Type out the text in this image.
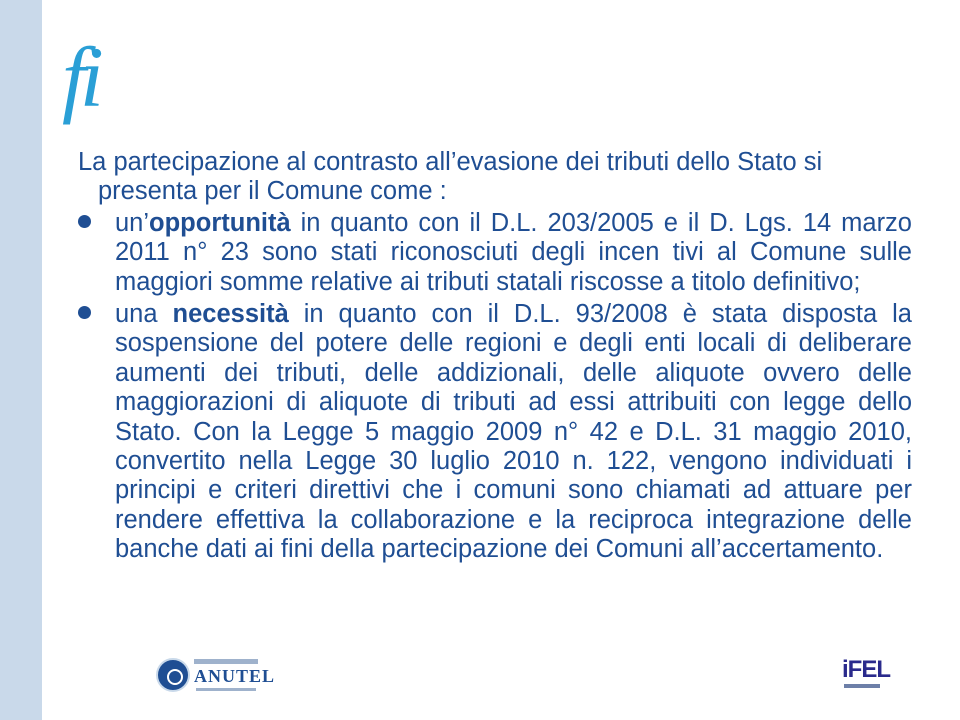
fi

La partecipazione al contrasto all’evasione dei tributi dello Stato si presenta per il Comune come :

un’opportunità in quanto con il D.L. 203/2005 e il D. Lgs. 14 marzo 2011 n° 23 sono stati riconosciuti degli incen tivi al Comune sulle maggiori somme relative ai tributi statali riscosse a titolo definitivo;
una necessità in quanto con il D.L. 93/2008 è stata disposta la sospensione del potere delle regioni e degli enti locali di deliberare aumenti dei tributi, delle addizionali, delle aliquote ovvero delle maggiorazioni di aliquote di tributi ad essi attribuiti con legge dello Stato. Con la Legge 5 maggio 2009 n° 42 e D.L. 31 maggio 2010, convertito nella Legge 30 luglio 2010 n. 122, vengono individuati i principi e criteri direttivi che i comuni sono chiamati ad attuare per rendere effettiva la collaborazione e la reciproca integrazione delle banche dati ai fini della partecipazione dei Comuni all’accertamento.
ANUTEL	iFEL
